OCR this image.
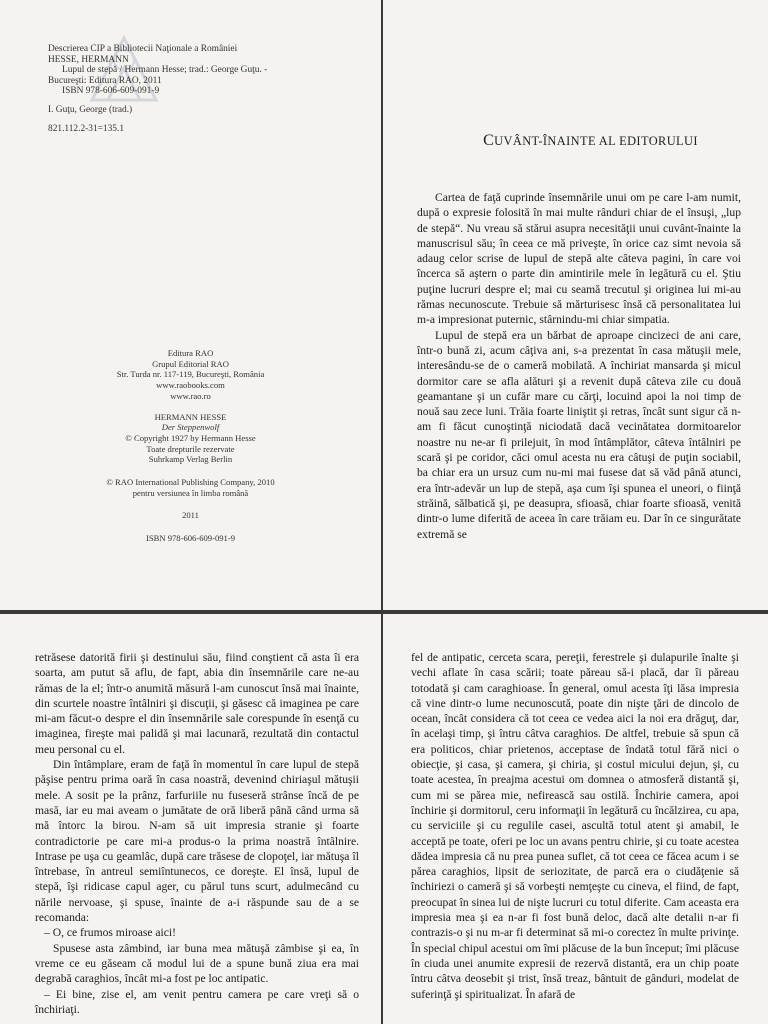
Descrierea CIP a Bibliotecii Naţionale a României
HESSE, HERMANN
Lupul de stepă / Hermann Hesse; trad.: George Guţu. -
Bucureşti: Editura RAO, 2011
ISBN 978-606-609-091-9
I. Guţu, George (trad.)
821.112.2-31=135.1
Editura RAO
Grupul Editorial RAO
Str. Turda nr. 117-119, Bucureşti, România
www.raobooks.com
www.rao.ro
HERMANN HESSE
Der Steppenwolf
© Copyright 1927 by Hermann Hesse
Toate drepturile rezervate
Suhrkamp Verlag Berlin
© RAO International Publishing Company, 2010
pentru versiunea în limba română
2011
ISBN 978-606-609-091-9
CUVÂNT-ÎNAINTE AL EDITORULUI

Cartea de faţă cuprinde însemnările unui om pe care l-am numit, după o expresie folosită în mai multe rânduri chiar de el însuşi, „lup de stepă“. Nu vreau să stărui asupra necesităţii unui cuvânt-înainte la manuscrisul său; în ceea ce mă priveşte, în orice caz simt nevoia să adaug celor scrise de lupul de stepă alte câteva pagini, în care voi încerca să aştern o parte din amintirile mele în legătură cu el. Ştiu puţine lucruri despre el; mai cu seamă trecutul şi originea lui mi-au rămas necunoscute. Trebuie să mărturisesc însă că personalitatea lui m-a impresionat puternic, stârnindu-mi chiar simpatia.

Lupul de stepă era un bărbat de aproape cincizeci de ani care, într-o bună zi, acum câţiva ani, s-a prezentat în casa mătuşii mele, interesându-se de o cameră mobilată. A închiriat mansarda şi micul dormitor care se afla alături şi a revenit după câteva zile cu două geamantane şi un cufăr mare cu cărţi, locuind apoi la noi timp de nouă sau zece luni. Trăia foarte liniştit şi retras, încât sunt sigur că n-am fi făcut cunoştinţă niciodată dacă vecinătatea dormitoarelor noastre nu ne-ar fi prilejuit, în mod întâmplător, câteva întâlniri pe scară şi pe coridor, căci omul acesta nu era câtuşi de puţin sociabil, ba chiar era un ursuz cum nu-mi mai fusese dat să văd până atunci, era într-adevăr un lup de stepă, aşa cum îşi spunea el uneori, o fiinţă străină, sălbatică şi, pe deasupra, sfioasă, chiar foarte sfioasă, venită dintr-o lume diferită de aceea în care trăiam eu. Dar în ce singurătate extremă se

retrăsese datorită firii şi destinului său, fiind conştient că asta îi era soarta, am putut să aflu, de fapt, abia din însemnările care ne-au rămas de la el; într-o anumită măsură l-am cunoscut însă mai înainte, din scurtele noastre întâlniri şi discuţii, şi găsesc că imaginea pe care mi-am făcut-o despre el din însemnările sale corespunde în esenţă cu imaginea, fireşte mai palidă şi mai lacunară, rezultată din contactul meu personal cu el.

Din întâmplare, eram de faţă în momentul în care lupul de stepă păşise pentru prima oară în casa noastră, devenind chiriaşul mătuşii mele. A sosit pe la prânz, farfuriile nu fuseseră strânse încă de pe masă, iar eu mai aveam o jumătate de oră liberă până când urma să mă întorc la birou. N-am să uit impresia stranie şi foarte contradictorie pe care mi-a produs-o la prima noastră întâlnire. Intrase pe uşa cu geamlâc, după care trăsese de clopoţel, iar mătuşa îl întrebase, în antreul semiîntunecos, ce doreşte. El însă, lupul de stepă, îşi ridicase capul ager, cu părul tuns scurt, adulmecând cu nările nervoase, şi spuse, înainte de a-i răspunde sau de a se recomanda:

– O, ce frumos miroase aici!

Spusese asta zâmbind, iar buna mea mătuşă zâmbise şi ea, în vreme ce eu găseam că modul lui de a spune bună ziua era mai degrabă caraghios, încât mi-a fost pe loc antipatic.

– Ei bine, zise el, am venit pentru camera pe care vreţi să o închiriaţi.

fel de antipatic, cerceta scara, pereţii, ferestrele şi dulapurile înalte şi vechi aflate în casa scării; toate păreau să-i placă, dar îi păreau totodată şi cam caraghioase. În general, omul acesta îţi lăsa impresia că vine dintr-o lume necunoscută, poate din nişte ţări de dincolo de ocean, încât considera că tot ceea ce vedea aici la noi era drăguţ, dar, în acelaşi timp, şi întru câtva caraghios. De altfel, trebuie să spun că era politicos, chiar prietenos, acceptase de îndată totul fără nici o obiecţie, şi casa, şi camera, şi chiria, şi costul micului dejun, şi, cu toate acestea, în preajma acestui om domnea o atmosferă distantă şi, cum mi se părea mie, nefirească sau ostilă. Închirie camera, apoi închirie şi dormitorul, ceru informaţii în legătură cu încălzirea, cu apa, cu serviciile şi cu regulile casei, ascultă totul atent şi amabil, le acceptă pe toate, oferi pe loc un avans pentru chirie, şi cu toate acestea dădea impresia că nu prea punea suflet, că tot ceea ce făcea acum i se părea caraghios, lipsit de seriozitate, de parcă era o ciudăţenie să închiriezi o cameră şi să vorbeşti nemţeşte cu cineva, el fiind, de fapt, preocupat în sinea lui de nişte lucruri cu totul diferite. Cam aceasta era impresia mea şi ea n-ar fi fost bună deloc, dacă alte detalii n-ar fi contrazis-o şi nu m-ar fi determinat să mi-o corectez în multe privinţe. În special chipul acestui om îmi plăcuse de la bun început; îmi plăcuse în ciuda unei anumite expresii de rezervă distantă, era un chip poate întru câtva deosebit şi trist, însă treaz, bântuit de gânduri, modelat de suferinţă şi spiritualizat. În afară de
